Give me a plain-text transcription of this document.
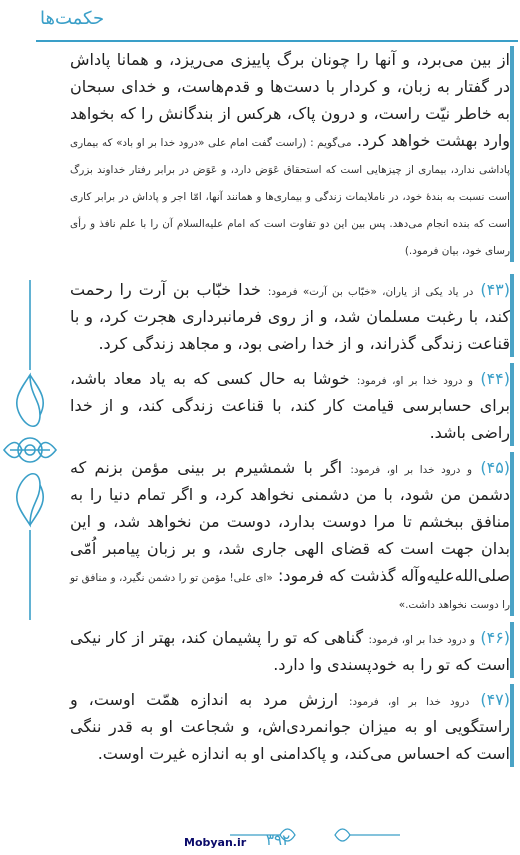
حکمت‌ها

از بین می‌برد، و آنها را چونان برگ پاییزی می‌ریزد، و همانا پاداش در گفتار به زبان، و کردار با دست‌ها و قدم‌هاست، و خدای سبحان به خاطر نیّت راست، و درون پاک، هرکس از بندگانش را که بخواهد وارد بهشت خواهد کرد. می‌گویم : (راست گفت امام علی «درود خدا بر او باد» که بیماری پاداشی ندارد، بیماری از چیزهایی است که استحقاق عَوَض دارد، و عَوَض در برابر رفتار خداوند بزرگ است نسبت به بندهٔ خود، در ناملایمات زندگی و بیماری‌ها و همانند آنها، امّا اجر و پاداش در برابر کاری است که بنده انجام می‌دهد. پس بین این دو تفاوت است که امام علیه‌السلام آن را با علم نافذ و رأی رسای خود، بیان فرمود.)

(۴۳) در یاد یکی از یاران، «خبّاب بن آرت» فرمود: خدا خبّاب بن آرت را رحمت کند، با رغبت مسلمان شد، و از روی فرمانبرداری هجرت کرد، و با قناعت زندگی گذراند، و از خدا راضی بود، و مجاهد زندگی کرد.

(۴۴) و درود خدا بر او، فرمود: خوشا به حال کسی که به یاد معاد باشد، برای حسابرسی قیامت کار کند، با قناعت زندگی کند، و از خدا راضی باشد.

(۴۵) و درود خدا بر او، فرمود: اگر با شمشیرم بر بینی مؤمن بزنم که دشمن من شود، با من دشمنی نخواهد کرد، و اگر تمام دنیا را به منافق ببخشم تا مرا دوست بدارد، دوست من نخواهد شد، و این بدان جهت است که قضای الهی جاری شد، و بر زبان پیامبر اُمّی صلی‌الله‌علیه‌وآله گذشت که فرمود: «ای علی! مؤمن تو را دشمن نگیرد، و منافق تو را دوست نخواهد داشت.»

(۴۶) و درود خدا بر او، فرمود: گناهی که تو را پشیمان کند، بهتر از کار نیکی است که تو را به خودپسندی وا دارد.

(۴۷) درود خدا بر او، فرمود: ارزش مرد به اندازه همّت اوست، و راستگویی او به میزان جوانمردی‌اش، و شجاعت او به قدر ننگی است که احساس می‌کند، و پاکدامنی او به اندازه غیرت اوست.

Mobyan.ir ۳۹۲
